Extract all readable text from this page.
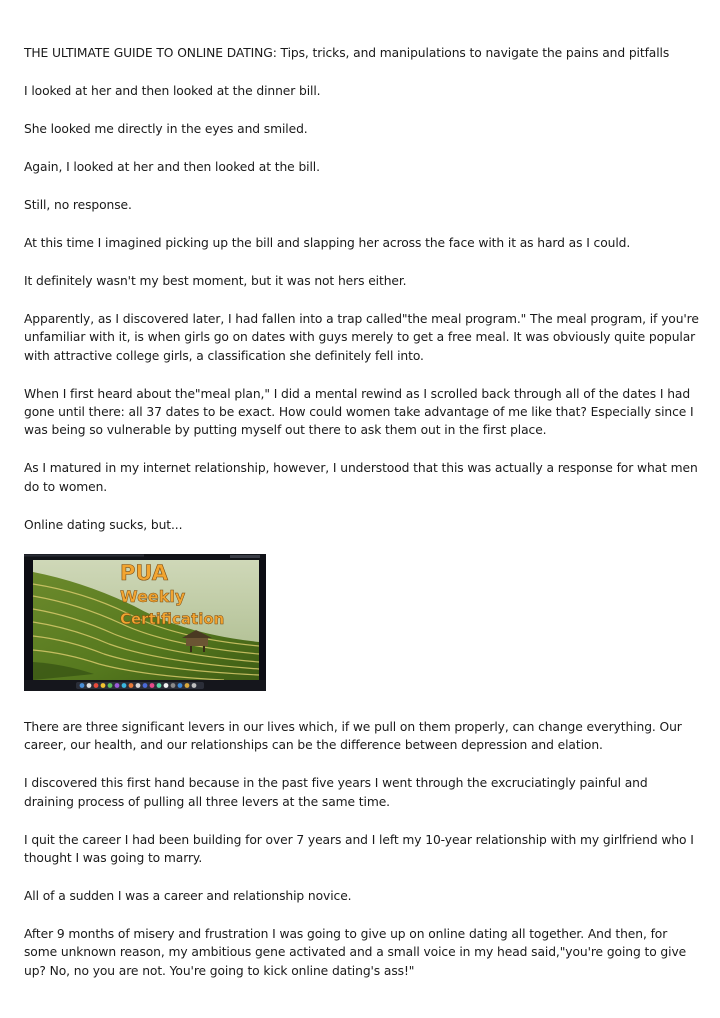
THE ULTIMATE GUIDE TO ONLINE DATING: Tips, tricks, and manipulations to navigate the pains and pitfalls

I looked at her and then looked at the dinner bill.

She looked me directly in the eyes and smiled.

Again, I looked at her and then looked at the bill.

Still, no response.

At this time I imagined picking up the bill and slapping her across the face with it as hard as I could.

It definitely wasn't my best moment, but it was not hers either.

Apparently, as I discovered later, I had fallen into a trap called"the meal program." The meal program, if you're unfamiliar with it, is when girls go on dates with guys merely to get a free meal. It was obviously quite popular with attractive college girls, a classification she definitely fell into.

When I first heard about the"meal plan," I did a mental rewind as I scrolled back through all of the dates I had gone until there: all 37 dates to be exact. How could women take advantage of me like that? Especially since I was being so vulnerable by putting myself out there to ask them out in the first place.

As I matured in my internet relationship, however, I understood that this was actually a response for what men do to women.

Online dating sucks, but...

PUA
Weekly
Certification

There are three significant levers in our lives which, if we pull on them properly, can change everything. Our career, our health, and our relationships can be the difference between depression and elation.

I discovered this first hand because in the past five years I went through the excruciatingly painful and draining process of pulling all three levers at the same time.

I quit the career I had been building for over 7 years and I left my 10-year relationship with my girlfriend who I thought I was going to marry.

All of a sudden I was a career and relationship novice.

After 9 months of misery and frustration I was going to give up on online dating all together. And then, for some unknown reason, my ambitious gene activated and a small voice in my head said,"you're going to give up? No, no you are not. You're going to kick online dating's ass!"
